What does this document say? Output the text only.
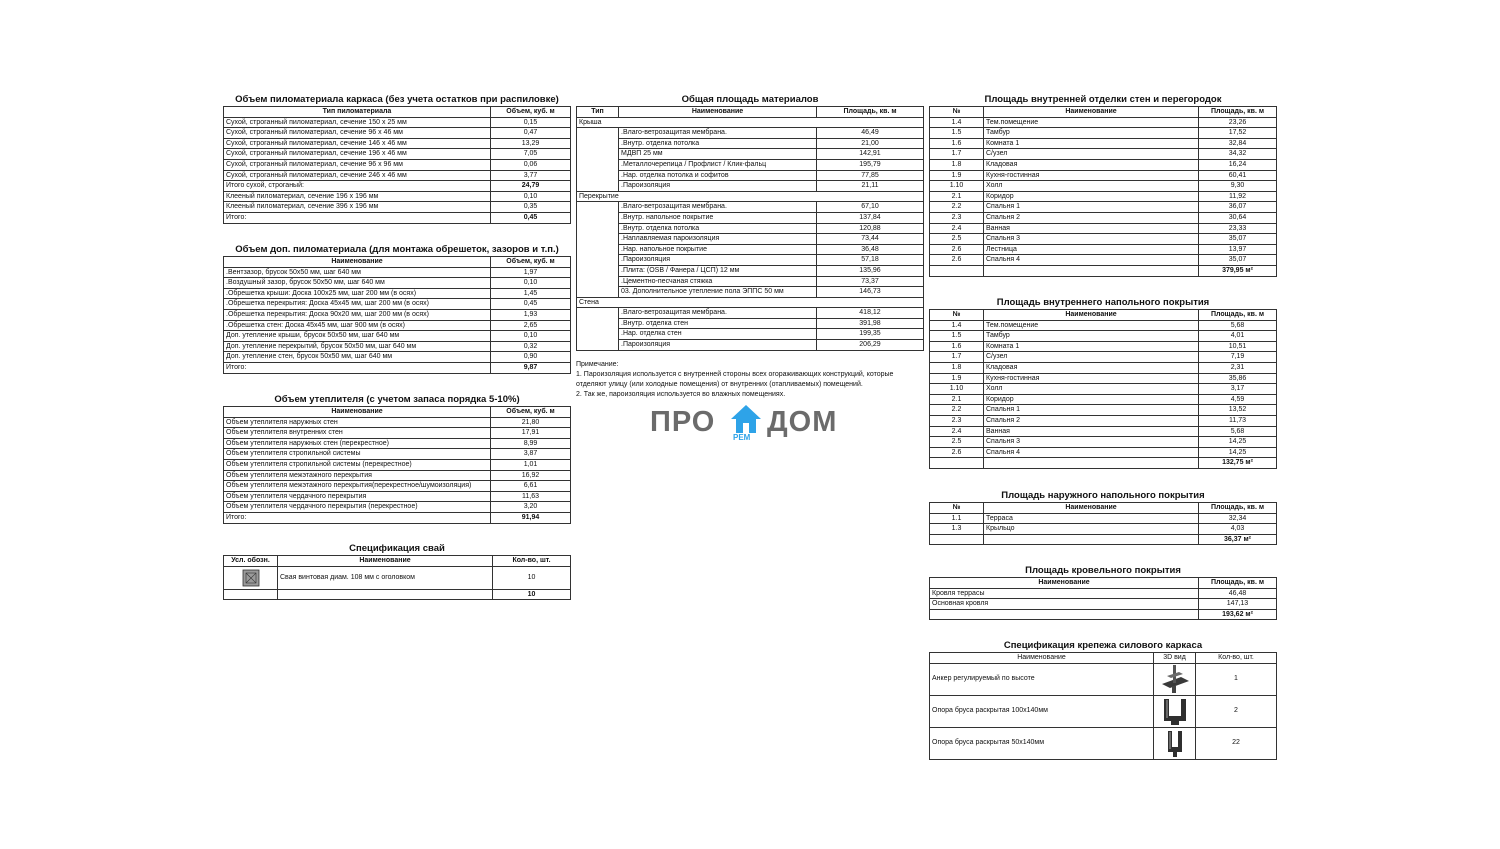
Объем пиломатериала каркаса (без учета остатков при распиловке)
Тип пиломатериала	Объем, куб. м
Сухой, строганный пиломатериал, сечение 150 х 25 мм	0,15
Сухой, строганный пиломатериал, сечение 96 х 46 мм	0,47
Сухой, строганный пиломатериал, сечение 146 х 46 мм	13,29
Сухой, строганный пиломатериал, сечение 196 х 46 мм	7,05
Сухой, строганный пиломатериал, сечение 96 х 96 мм	0,06
Сухой, строганный пиломатериал, сечение 246 х 46 мм	3,77
Итого сухой, строганый:	24,79
Клееный пиломатериал, сечение 196 х 196 мм	0,10
Клееный пиломатериал, сечение 396 х 196 мм	0,35
Итого:	0,45
Объем доп. пиломатериала (для монтажа обрешеток, зазоров и т.п.)
Наименование	Объем, куб. м
.Вентзазор, брусок 50х50 мм, шаг 640 мм	1,97
.Воздушный зазор, брусок 50х50 мм, шаг 640 мм	0,10
.Обрешетка крыши: Доска 100х25 мм, шаг 200 мм (в осях)	1,45
.Обрешетка перекрытия: Доска 45х45 мм, шаг 200 мм (в осях)	0,45
.Обрешетка перекрытия: Доска 90х20 мм, шаг 200 мм (в осях)	1,93
.Обрешетка стен: Доска 45х45 мм, шаг 900 мм (в осях)	2,65
Доп. утепление крыши, брусок 50х50 мм, шаг 640 мм	0,10
Доп. утепление перекрытий, брусок 50х50 мм, шаг 640 мм	0,32
Доп. утепление стен, брусок 50х50 мм, шаг 640 мм	0,90
Итого:	9,87
Объем утеплителя (с учетом запаса порядка 5-10%)
Наименование	Объем, куб. м
Объем утеплителя наружных стен	21,80
Объем утеплителя внутренних стен	17,91
Объем утеплителя наружных стен (перекрестное)	8,99
Объем утеплителя стропильной системы	3,87
Объем утеплителя стропильной системы (перекрестное)	1,01
Объем утеплителя межэтажного перекрытия	16,92
Объем утеплителя межэтажного перекрытия(перекрестное/шумоизоляция)	6,61
Объем утеплителя чердачного перекрытия	11,63
Объем утеплителя чердачного перекрытия (перекрестное)	3,20
Итого:	91,94
Спецификация свай
Усл. обозн.	Наименование	Кол-во, шт.
	Свая винтовая диам. 108 мм с оголовком	10
		10
Общая площадь материалов
Тип	Наименование	Площадь, кв. м
Крыша		
	.Влаго-ветрозащитая мембрана.	46,49
	.Внутр. отделка потолка	21,00
	МДВП 25 мм	142,91
	.Металлочерепица / Профлист / Клик-фальц	195,79
	.Нар. отделка потолка и софитов	77,85
	.Пароизоляция	21,11
Перекрытие		
	.Влаго-ветрозащитая мембрана.	67,10
	.Внутр. напольное покрытие	137,84
	.Внутр. отделка потолка	120,88
	.Наплавляемая пароизоляция	73,44
	.Нар. напольное покрытие	36,48
	.Пароизоляция	57,18
	.Плита: (OSB / Фанера / ЦСП) 12 мм	135,96
	.Цементно-песчаная стяжка	73,37
	03. Дополнительное утепление пола ЭППС 50 мм	146,73
Стена		
	.Влаго-ветрозащитая мембрана.	418,12
	.Внутр. отделка стен	391,98
	.Нар. отделка стен	199,35
	.Пароизоляция	206,29
Примечание:
1. Пароизоляция используется с внутренней стороны всех огораживающих конструкций, которые
отделяют улицу (или холодные помещения) от внутренних (отапливаемых) помещений.
2. Так же, пароизоляция используется во влажных помещениях.
ПРО РЕМ ДОМ
Площадь внутренней отделки стен и перегородок
№	Наименование	Площадь, кв. м
1.4	Тем.помещение	23,26
1.5	Тамбур	17,52
1.6	Комната 1	32,84
1.7	С/узел	34,32
1.8	Кладовая	16,24
1.9	Кухня-гостинная	60,41
1.10	Холл	9,30
2.1	Коридор	11,92
2.2	Спальня 1	36,07
2.3	Спальня 2	30,64
2.4	Ванная	23,33
2.5	Спальня 3	35,07
2.6	Лестница	13,97
2.6	Спальня 4	35,07
		379,95 м²
Площадь внутреннего напольного покрытия
№	Наименование	Площадь, кв. м
1.4	Тем.помещение	5,68
1.5	Тамбур	4,01
1.6	Комната 1	10,51
1.7	С/узел	7,19
1.8	Кладовая	2,31
1.9	Кухня-гостинная	35,86
1.10	Холл	3,17
2.1	Коридор	4,59
2.2	Спальня 1	13,52
2.3	Спальня 2	11,73
2.4	Ванная	5,68
2.5	Спальня 3	14,25
2.6	Спальня 4	14,25
		132,75 м²
Площадь наружного напольного покрытия
№	Наименование	Площадь, кв. м
1.1	Терраса	32,34
1.3	Крыльцо	4,03
		36,37 м²
Площадь кровельного покрытия
Наименование	Площадь, кв. м
Кровля террасы	46,48
Основная кровля	147,13
	193,62 м²
Спецификация крепежа силового каркаса
Наименование	3D вид	Кол-во, шт.
Анкер регулируемый по высоте		1
Опора бруса раскрытая 100х140мм		2
Опора бруса раскрытая 50х140мм		22
